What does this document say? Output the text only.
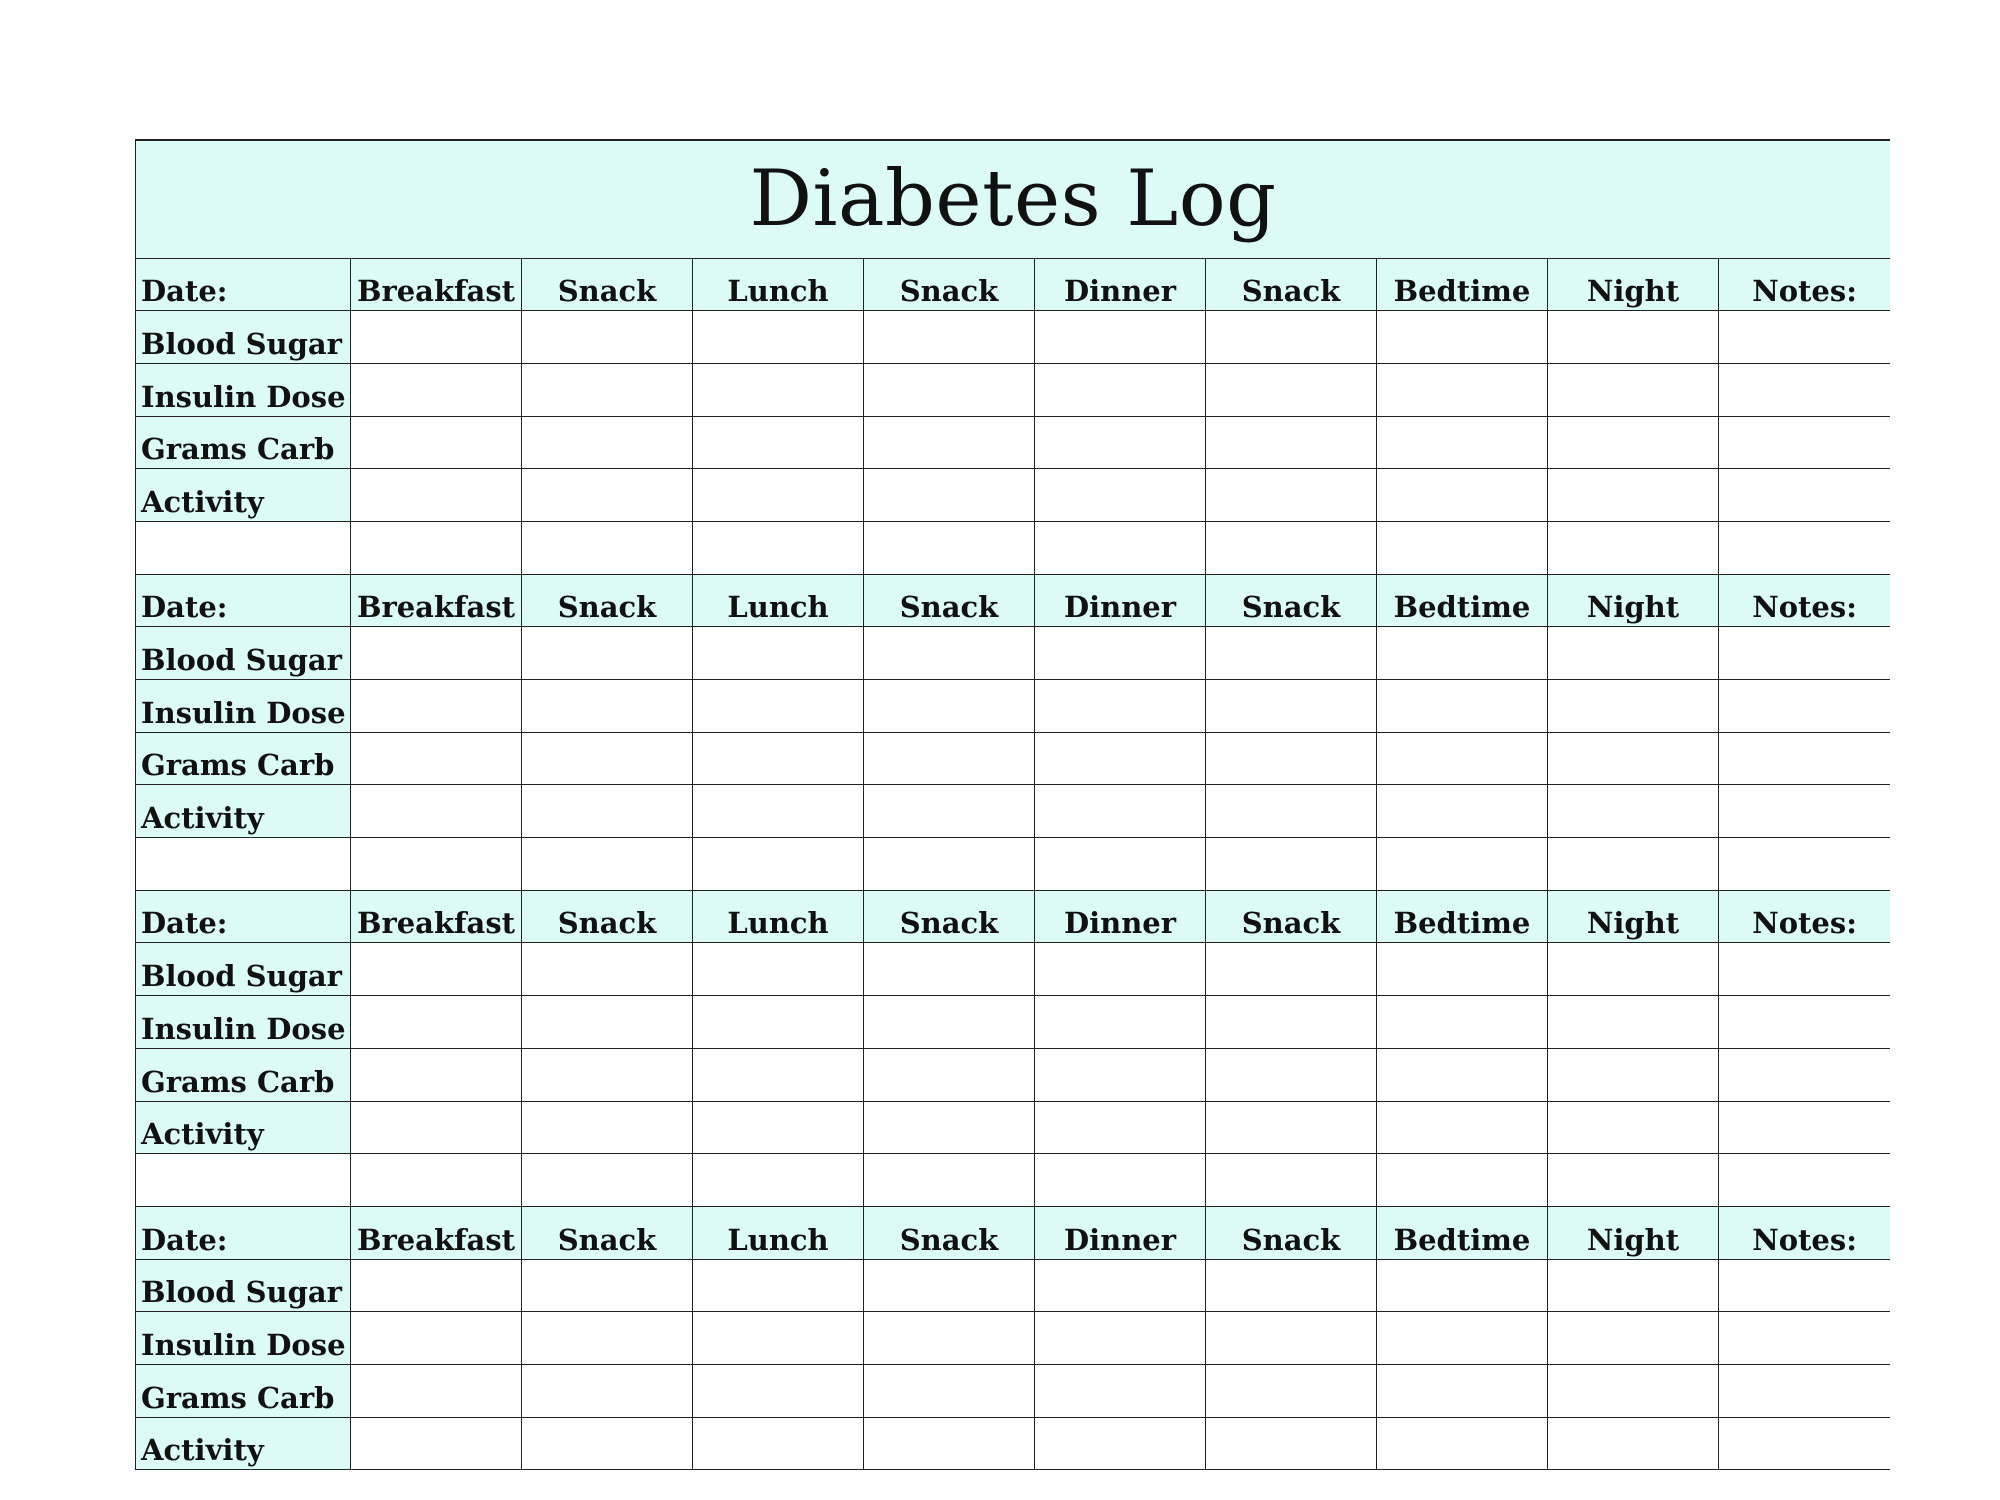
Diabetes Log									
Date:	Breakfast	Snack	Lunch	Snack	Dinner	Snack	Bedtime	Night	Notes:
Blood Sugar									
Insulin Dose									
Grams Carb									
Activity									

Date:	Breakfast	Snack	Lunch	Snack	Dinner	Snack	Bedtime	Night	Notes:
Blood Sugar									
Insulin Dose									
Grams Carb									
Activity									

Date:	Breakfast	Snack	Lunch	Snack	Dinner	Snack	Bedtime	Night	Notes:
Blood Sugar									
Insulin Dose									
Grams Carb									
Activity									

Date:	Breakfast	Snack	Lunch	Snack	Dinner	Snack	Bedtime	Night	Notes:
Blood Sugar									
Insulin Dose									
Grams Carb									
Activity									
